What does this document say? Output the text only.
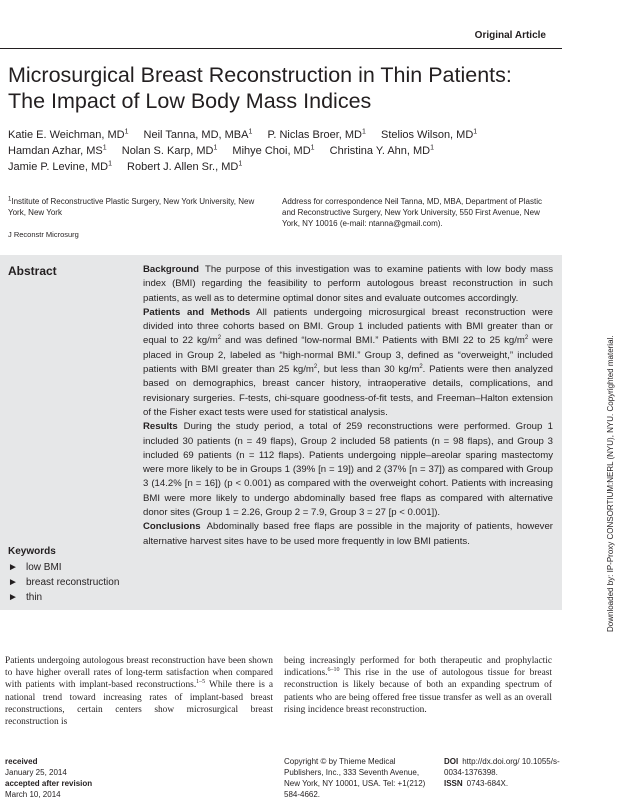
Original Article
Microsurgical Breast Reconstruction in Thin Patients: The Impact of Low Body Mass Indices
Katie E. Weichman, $MD^1$ Neil Tanna, MD, MBA$^1$ P. Niclas Broer, $MD^1$ Stelios Wilson, $MD^1$ Hamdan Azhar, $MS^1$ Nolan S. Karp, $MD^1$ Mihye Choi, $MD^1$ Christina Y. Ahn, $MD^1$ Jamie P. Levine, $MD^1$ Robert J. Allen Sr., $MD^1$
$^1$Institute of Reconstructive Plastic Surgery, New York University, New York, New York
Address for correspondence Neil Tanna, MD, MBA, Department of Plastic and Reconstructive Surgery, New York University, 550 First Avenue, New York, NY 10016 (e-mail: ntanna@gmail.com).
J Reconstr Microsurg
Abstract	Background The purpose of this investigation was to examine patients with low body mass index (BMI) regarding the feasibility to perform autologous breast reconstruction in such patients, as well as to determine optimal donor sites and evaluate outcomes accordingly.

Patients and Methods All patients undergoing microsurgical breast reconstruction were divided into three cohorts based on BMI. Group 1 included patients with BMI greater than or equal to 22 $kg/m^2$ and was defined “low-normal BMI.” Patients with BMI 22 to 25 $kg/m^2$ were placed in Group 2, labeled as “high-normal BMI.” Group 3, defined as “overweight,” included patients with BMI greater than 25 $kg/m^2$, but less than 30 $kg/m^2$. Patients were then analyzed based on demographics, breast cancer history, intraoperative details, complications, and revisionary surgeries. F-tests, chi-square goodness-of-fit tests, and Freeman–Halton extension of the Fisher exact tests were used for statistical analysis.

Results During the study period, a total of 259 reconstructions were performed. Group 1 included 30 patients (n = 49 flaps), Group 2 included 58 patients (n = 98 flaps), and Group 3 included 69 patients (n = 112 flaps). Patients undergoing nipple–areolar sparing mastectomy were more likely to be in Groups 1 (39% [n = 19]) and 2 (37% [n = 37]) as compared with Group 3 (14.2% [n = 16]) (p < 0.001) as compared with the overweight cohort. Patients with increasing BMI were more likely to undergo abdominally based free flaps as compared with alternative donor sites (Group 1 = 2.26, Group 2 = 7.9, Group 3 = 27 [p < 0.001]).

Conclusions Abdominally based free flaps are possible in the majority of patients, however alternative harvest sites have to be used more frequently in low BMI patients.

Keywords
► low BMI
► breast reconstruction
► thin	Downloaded by: IP-Proxy CONSORTIUM:NERL (NYU), NYU. Copyrighted material.
Patients undergoing autologous breast reconstruction have been shown to have higher overall rates of long-term satisfaction when compared with patients with implant-based reconstructions.$^{1-5}$ While there is a national trend toward increasing rates of implant-based breast reconstructions, certain centers show microsurgical breast reconstruction is
being increasingly performed for both therapeutic and prophylactic indications.$^{6-10}$ This rise in the use of autologous tissue for breast reconstruction is likely because of both an expanding spectrum of patients who are being offered free tissue transfer as well as an overall rising incidence breast reconstruction.
received
January 25, 2014
accepted after revision
March 10, 2014
Copyright © by Thieme Medical Publishers, Inc., 333 Seventh Avenue, New York, NY 10001, USA. Tel: +1(212) 584-4662.
DOI http://dx.doi.org/ 10.1055/s-0034-1376398.
ISSN 0743-684X.
